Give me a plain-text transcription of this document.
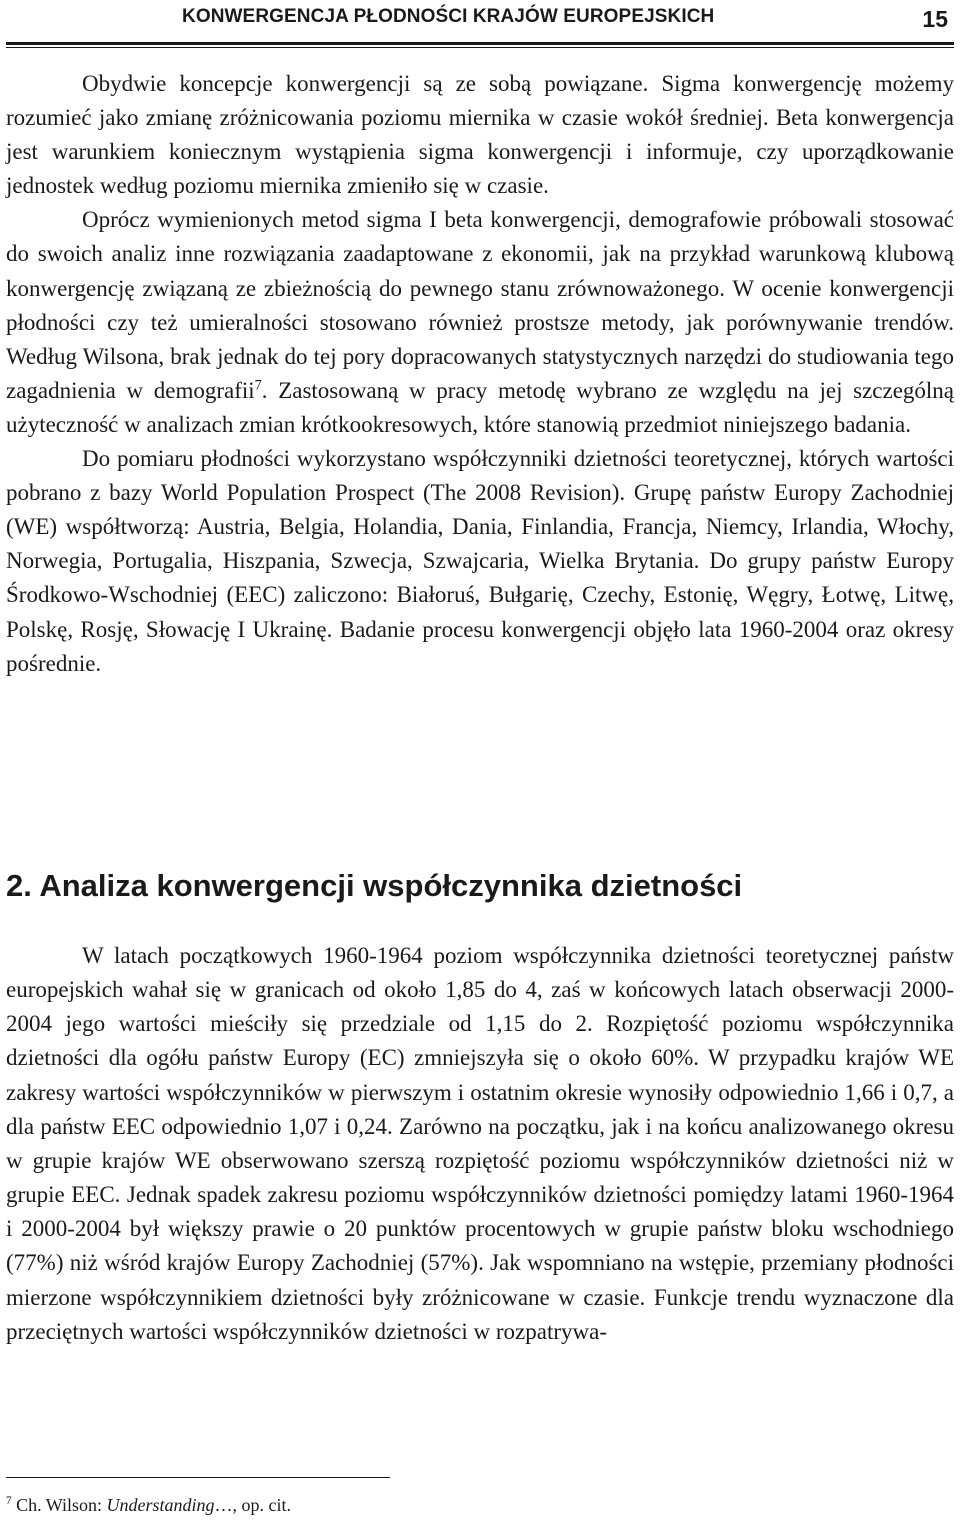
KONWERGENCJA PŁODNOŚCI KRAJÓW EUROPEJSKICH	15

Obydwie koncepcje konwergencji są ze sobą powiązane. Sigma konwergencję możemy rozumieć jako zmianę zróżnicowania poziomu miernika w czasie wokół średniej. Beta konwergencja jest warunkiem koniecznym wystąpienia sigma konwergencji i informuje, czy uporządkowanie jednostek według poziomu miernika zmieniło się w czasie.

Oprócz wymienionych metod sigma I beta konwergencji, demografowie próbowali stosować do swoich analiz inne rozwiązania zaadaptowane z ekonomii, jak na przykład warunkową klubową konwergencję związaną ze zbieżnością do pewnego stanu zrównoważonego. W ocenie konwergencji płodności czy też umieralności stosowano również prostsze metody, jak porównywanie trendów. Według Wilsona, brak jednak do tej pory dopracowanych statystycznych narzędzi do studiowania tego zagadnienia w demografii$^7$. Zastosowaną w pracy metodę wybrano ze względu na jej szczególną użyteczność w analizach zmian krótkookresowych, które stanowią przedmiot niniejszego badania.

Do pomiaru płodności wykorzystano współczynniki dzietności teoretycznej, których wartości pobrano z bazy World Population Prospect (The 2008 Revision). Grupę państw Europy Zachodniej (WE) współtworzą: Austria, Belgia, Holandia, Dania, Finlandia, Francja, Niemcy, Irlandia, Włochy, Norwegia, Portugalia, Hiszpania, Szwecja, Szwajcaria, Wielka Brytania. Do grupy państw Europy Środkowo-Wschodniej (EEC) zaliczono: Białoruś, Bułgarię, Czechy, Estonię, Węgry, Łotwę, Litwę, Polskę, Rosję, Słowację I Ukrainę. Badanie procesu konwergencji objęło lata 1960-2004 oraz okresy pośrednie.

2. Analiza konwergencji współczynnika dzietności

W latach początkowych 1960-1964 poziom współczynnika dzietności teoretycznej państw europejskich wahał się w granicach od około 1,85 do 4, zaś w końcowych latach obserwacji 2000-2004 jego wartości mieściły się przedziale od 1,15 do 2. Rozpiętość poziomu współczynnika dzietności dla ogółu państw Europy (EC) zmniejszyła się o około 60%. W przypadku krajów WE zakresy wartości współczynników w pierwszym i ostatnim okresie wynosiły odpowiednio 1,66 i 0,7, a dla państw EEC odpowiednio 1,07 i 0,24. Zarówno na początku, jak i na końcu analizowanego okresu w grupie krajów WE obserwowano szerszą rozpiętość poziomu współczynników dzietności niż w grupie EEC. Jednak spadek zakresu poziomu współczynników dzietności pomiędzy latami 1960-1964 i 2000-2004 był większy prawie o 20 punktów procentowych w grupie państw bloku wschodniego (77%) niż wśród krajów Europy Zachodniej (57%). Jak wspomniano na wstępie, przemiany płodności mierzone współczynnikiem dzietności były zróżnicowane w czasie. Funkcje trendu wyznaczone dla przeciętnych wartości współczynników dzietności w rozpatrywa-

$^7$ Ch. Wilson: Understanding…, op. cit.
